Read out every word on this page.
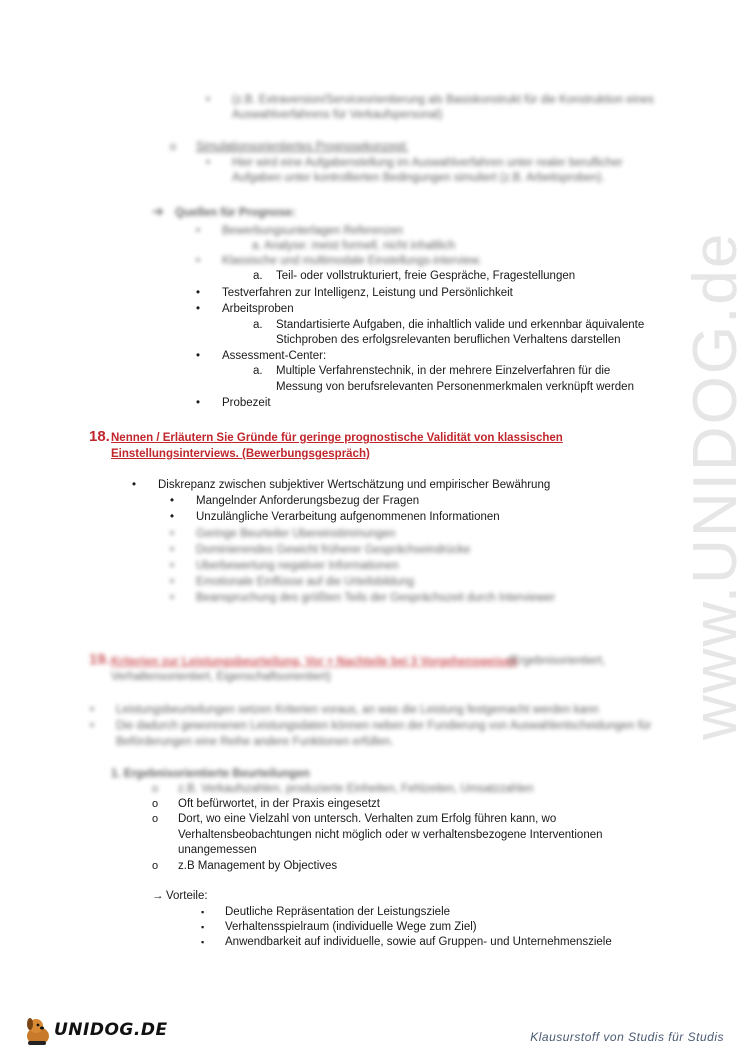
www.UNIDOG.de
• (z.B. Extraversion/Serviceorientierung als Basiskonstrukt für die Konstruktion eines
Auswahlverfahrens für Verkaufspersonal)
o Simulationsorientiertes Prognosekonzept:
• Hier wird eine Aufgabenstellung im Auswahlverfahren unter realer beruflicher
Aufgaben unter kontrollierten Bedingungen simuliert (z.B. Arbeitsproben).
➔ Quellen für Prognose:
• Bewerbungsunterlagen Referenzen
a. Analyse: meist formell, nicht inhaltlich
• Klassische und multimodale Einstellungs-interview.
a. Teil- oder vollstrukturiert, freie Gespräche, Fragestellungen
• Testverfahren zur Intelligenz, Leistung und Persönlichkeit
• Arbeitsproben
a. Standartisierte Aufgaben, die inhaltlich valide und erkennbar äquivalente
Stichproben des erfolgsrelevanten beruflichen Verhaltens darstellen
• Assessment-Center:
a. Multiple Verfahrenstechnik, in der mehrere Einzelverfahren für die
Messung von berufsrelevanten Personenmerkmalen verknüpft werden
• Probezeit
18. Nennen / Erläutern Sie Gründe für geringe prognostische Validität von klassischen
Einstellungsinterviews. (Bewerbungsgespräch)
• Diskrepanz zwischen subjektiver Wertschätzung und empirischer Bewährung
• Mangelnder Anforderungsbezug der Fragen
• Unzulängliche Verarbeitung aufgenommenen Informationen
• Geringe Beurteiler Übereinstimmungen
• Dominierendes Gewicht früherer Gesprächseindrücke
• Überbewertung negativer Informationen
• Emotionale Einflüsse auf die Urteilsbildung
• Beanspruchung des größten Teils der Gesprächszeit durch Interviewer
19. Kriterien zur Leistungsbeurteilung, Vor + Nachteile bei 3 Vorgehensweisen
(Ergebnisorientiert,
Verhaltensorientiert, Eigenschaftsorientiert)
• Leistungsbeurteilungen setzen Kriterien voraus, an was die Leistung festgemacht werden kann
• Die dadurch gewonnenen Leistungsdaten können neben der Fundierung von Auswahlentscheidungen für
Beförderungen eine Reihe andere Funktionen erfüllen.
1. Ergebnisorientierte Beurteilungen
o z.B. Verkaufszahlen, produzierte Einheiten, Fehlzeiten, Umsatzzahlen
o Oft befürwortet, in der Praxis eingesetzt
o Dort, wo eine Vielzahl von untersch. Verhalten zum Erfolg führen kann, wo
Verhaltensbeobachtungen nicht möglich oder w verhaltensbezogene Interventionen
unangemessen
o z.B Management by Objectives
→ Vorteile:
▪ Deutliche Repräsentation der Leistungsziele
▪ Verhaltensspielraum (individuelle Wege zum Ziel)
▪ Anwendbarkeit auf individuelle, sowie auf Gruppen- und Unternehmensziele
UNIDOG.DE	Klausurstoff von Studis für Studis
